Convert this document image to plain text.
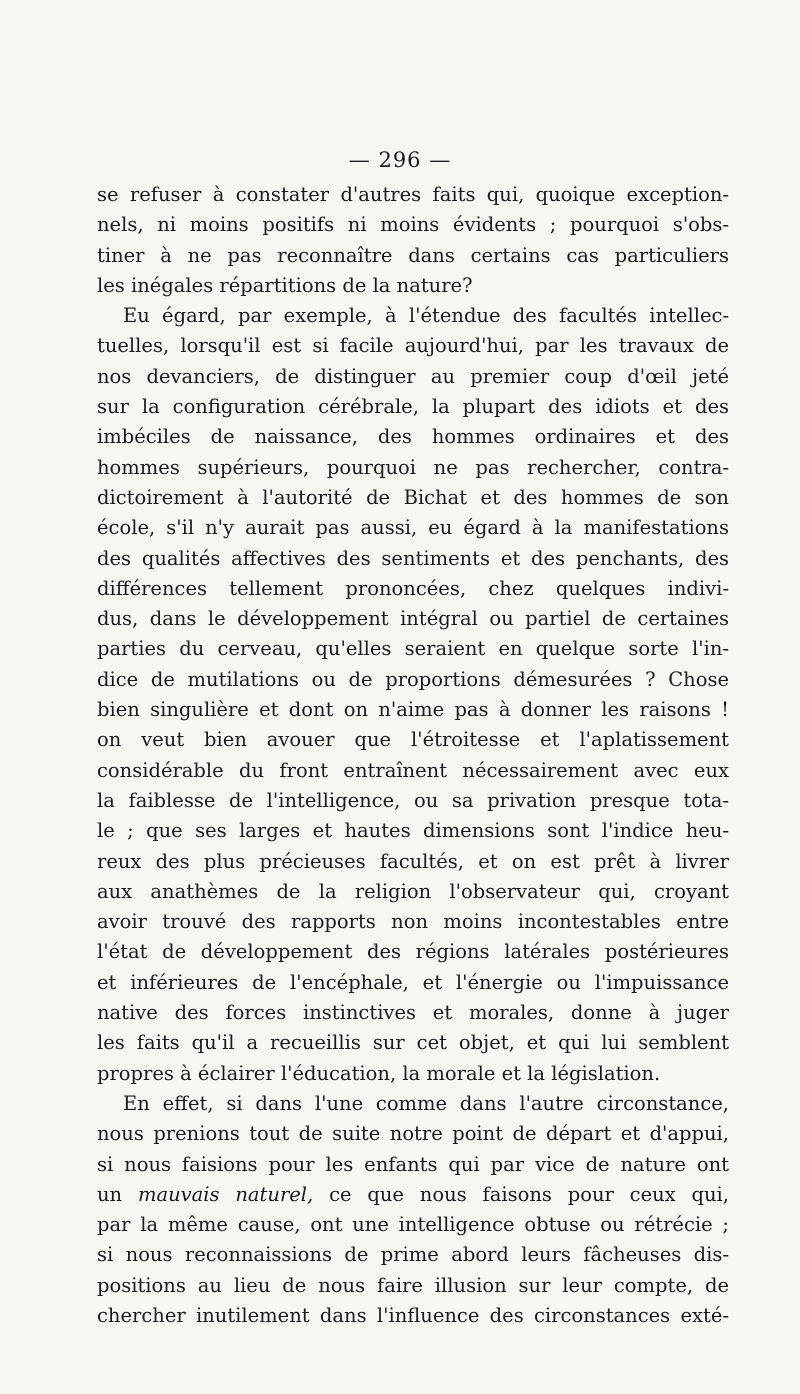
— 296 —
se refuser à constater d'autres faits qui, quoique exception-
nels, ni moins positifs ni moins évidents ; pourquoi s'obs-
tiner à ne pas reconnaître dans certains cas particuliers
les inégales répartitions de la nature?
Eu égard, par exemple, à l'étendue des facultés intellec-
tuelles, lorsqu'il est si facile aujourd'hui, par les travaux de
nos devanciers, de distinguer au premier coup d'œil jeté
sur la configuration cérébrale, la plupart des idiots et des
imbéciles de naissance, des hommes ordinaires et des
hommes supérieurs, pourquoi ne pas rechercher, contra-
dictoirement à l'autorité de Bichat et des hommes de son
école, s'il n'y aurait pas aussi, eu égard à la manifestations
des qualités affectives des sentiments et des penchants, des
différences tellement prononcées, chez quelques indivi-
dus, dans le développement intégral ou partiel de certaines
parties du cerveau, qu'elles seraient en quelque sorte l'in-
dice de mutilations ou de proportions démesurées ? Chose
bien singulière et dont on n'aime pas à donner les raisons !
on veut bien avouer que l'étroitesse et l'aplatissement
considérable du front entraînent nécessairement avec eux
la faiblesse de l'intelligence, ou sa privation presque tota-
le ; que ses larges et hautes dimensions sont l'indice heu-
reux des plus précieuses facultés, et on est prêt à livrer
aux anathèmes de la religion l'observateur qui, croyant
avoir trouvé des rapports non moins incontestables entre
l'état de développement des régions latérales postérieures
et inférieures de l'encéphale, et l'énergie ou l'impuissance
native des forces instinctives et morales, donne à juger
les faits qu'il a recueillis sur cet objet, et qui lui semblent
propres à éclairer l'éducation, la morale et la législation.
En effet, si dans l'une comme dans l'autre circonstance,
nous prenions tout de suite notre point de départ et d'appui,
si nous faisions pour les enfants qui par vice de nature ont
un mauvais naturel, ce que nous faisons pour ceux qui,
par la même cause, ont une intelligence obtuse ou rétrécie ;
si nous reconnaissions de prime abord leurs fâcheuses dis-
positions au lieu de nous faire illusion sur leur compte, de
chercher inutilement dans l'influence des circonstances exté-
